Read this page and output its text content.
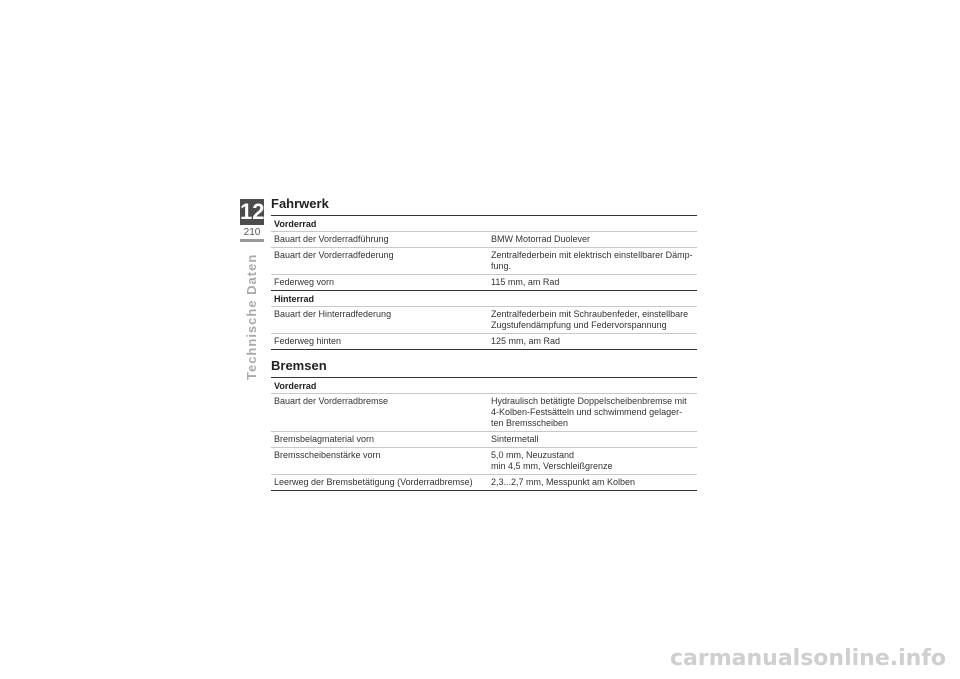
12
210
Technische Daten
Fahrwerk
Vorderrad
Bauart der Vorderradführung	BMW Motorrad Duolever
Bauart der Vorderradfederung	Zentralfederbein mit elektrisch einstellbarer Dämp-
fung.
Federweg vorn	115 mm, am Rad
Hinterrad
Bauart der Hinterradfederung	Zentralfederbein mit Schraubenfeder, einstellbare
Zugstufendämpfung und Federvorspannung
Federweg hinten	125 mm, am Rad
Bremsen
Vorderrad
Bauart der Vorderradbremse	Hydraulisch betätigte Doppelscheibenbremse mit
4-Kolben-Festsätteln und schwimmend gelager-
ten Bremsscheiben
Bremsbelagmaterial vorn	Sintermetall
Bremsscheibenstärke vorn	5,0 mm, Neuzustand
min 4,5 mm, Verschleißgrenze
Leerweg der Bremsbetätigung (Vorderradbremse)	2,3...2,7 mm, Messpunkt am Kolben
carmanualsonline.info
